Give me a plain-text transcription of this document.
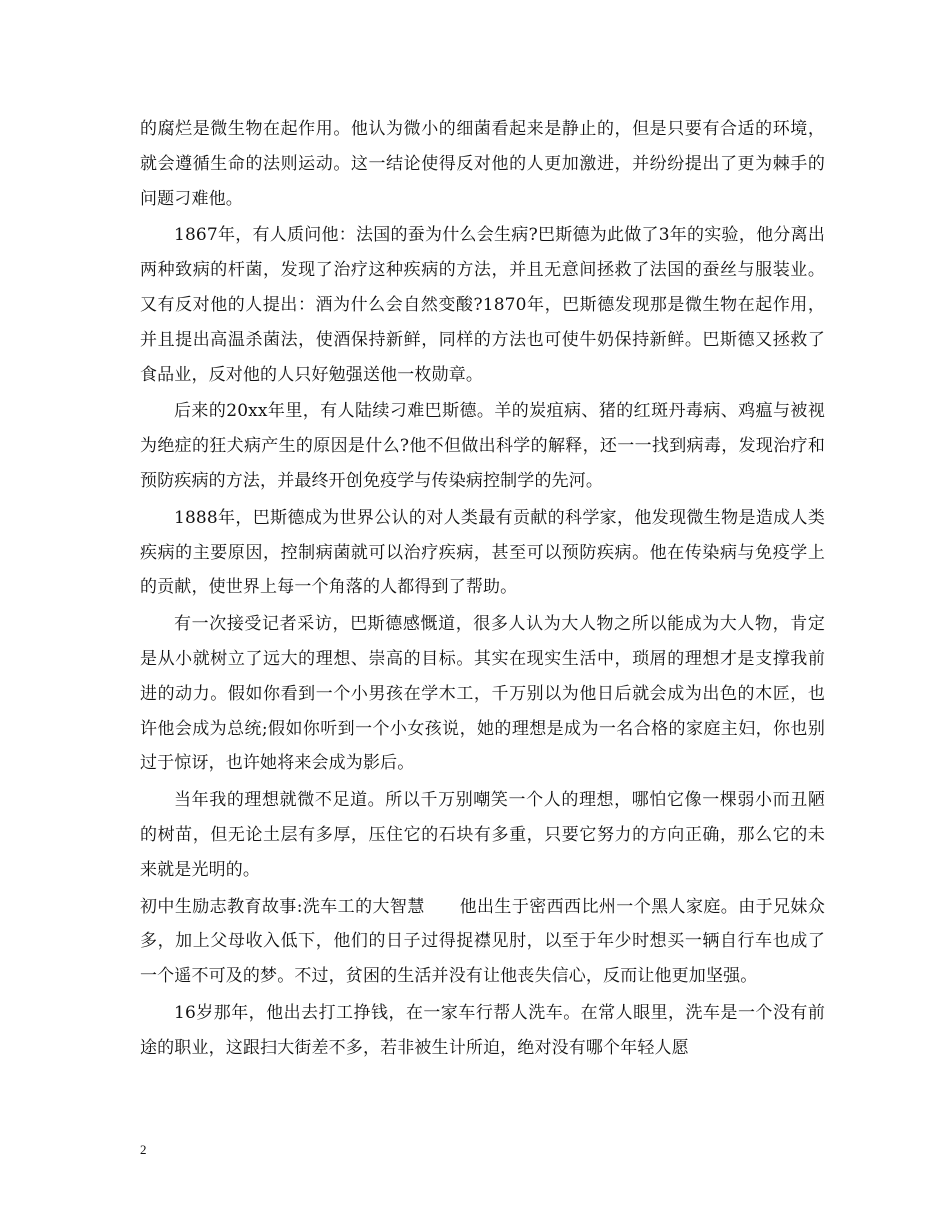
的腐烂是微生物在起作用。他认为微小的细菌看起来是静止的，但是只要有合适的环境，就会遵循生命的法则运动。这一结论使得反对他的人更加激进，并纷纷提出了更为棘手的问题刁难他。

1867年，有人质问他：法国的蚕为什么会生病?巴斯德为此做了3年的实验，他分离出两种致病的杆菌，发现了治疗这种疾病的方法，并且无意间拯救了法国的蚕丝与服装业。又有反对他的人提出：酒为什么会自然变酸?1870年，巴斯德发现那是微生物在起作用，并且提出高温杀菌法，使酒保持新鲜，同样的方法也可使牛奶保持新鲜。巴斯德又拯救了食品业，反对他的人只好勉强送他一枚勋章。

后来的20xx年里，有人陆续刁难巴斯德。羊的炭疽病、猪的红斑丹毒病、鸡瘟与被视为绝症的狂犬病产生的原因是什么?他不但做出科学的解释，还一一找到病毒，发现治疗和预防疾病的方法，并最终开创免疫学与传染病控制学的先河。

1888年，巴斯德成为世界公认的对人类最有贡献的科学家，他发现微生物是造成人类疾病的主要原因，控制病菌就可以治疗疾病，甚至可以预防疾病。他在传染病与免疫学上的贡献，使世界上每一个角落的人都得到了帮助。

有一次接受记者采访，巴斯德感慨道，很多人认为大人物之所以能成为大人物，肯定是从小就树立了远大的理想、崇高的目标。其实在现实生活中，琐屑的理想才是支撑我前进的动力。假如你看到一个小男孩在学木工，千万别以为他日后就会成为出色的木匠，也许他会成为总统;假如你听到一个小女孩说，她的理想是成为一名合格的家庭主妇，你也别过于惊讶，也许她将来会成为影后。

当年我的理想就微不足道。所以千万别嘲笑一个人的理想，哪怕它像一棵弱小而丑陋的树苗，但无论土层有多厚，压住它的石块有多重，只要它努力的方向正确，那么它的未来就是光明的。

初中生励志教育故事:洗车工的大智慧　　他出生于密西西比州一个黑人家庭。由于兄妹众多，加上父母收入低下，他们的日子过得捉襟见肘，以至于年少时想买一辆自行车也成了一个遥不可及的梦。不过，贫困的生活并没有让他丧失信心，反而让他更加坚强。

16岁那年，他出去打工挣钱，在一家车行帮人洗车。在常人眼里，洗车是一个没有前途的职业，这跟扫大街差不多，若非被生计所迫，绝对没有哪个年轻人愿

2
